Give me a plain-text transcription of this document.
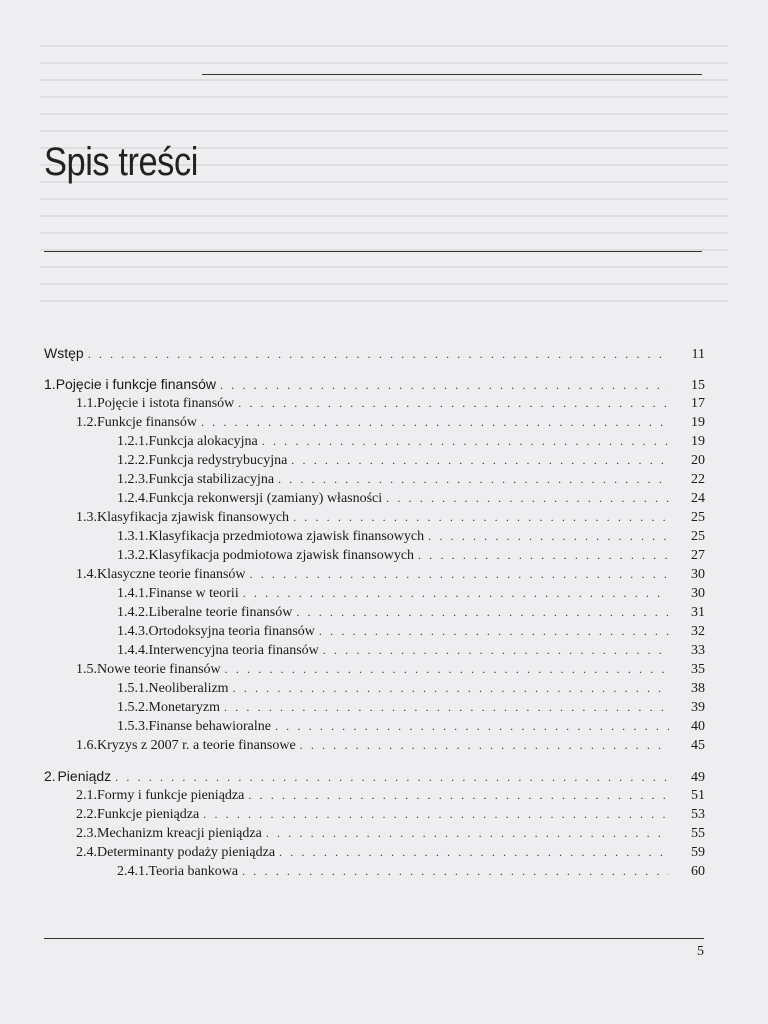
Spis treści
Wstęp . . .	11
1. Pojęcie i funkcje finansów . . .	15
1.1. Pojęcie i istota finansów . . .	17
1.2. Funkcje finansów . . .	19
1.2.1. Funkcja alokacyjna . . .	19
1.2.2. Funkcja redystrybucyjna . . .	20
1.2.3. Funkcja stabilizacyjna . . .	22
1.2.4. Funkcja rekonwersji (zamiany) własności . . .	24
1.3. Klasyfikacja zjawisk finansowych . . .	25
1.3.1. Klasyfikacja przedmiotowa zjawisk finansowych . . .	25
1.3.2. Klasyfikacja podmiotowa zjawisk finansowych . . .	27
1.4. Klasyczne teorie finansów . . .	30
1.4.1. Finanse w teorii . . .	30
1.4.2. Liberalne teorie finansów . . .	31
1.4.3. Ortodoksyjna teoria finansów . . .	32
1.4.4. Interwencyjna teoria finansów . . .	33
1.5. Nowe teorie finansów . . .	35
1.5.1. Neoliberalizm . . .	38
1.5.2. Monetaryzm . . .	39
1.5.3. Finanse behawioralne . . .	40
1.6. Kryzys z 2007 r. a teorie finansowe . . .	45
2. Pieniądz . . .	49
2.1. Formy i funkcje pieniądza . . .	51
2.2. Funkcje pieniądza . . .	53
2.3. Mechanizm kreacji pieniądza . . .	55
2.4. Determinanty podaży pieniądza . . .	59
2.4.1. Teoria bankowa . . .	60
5
